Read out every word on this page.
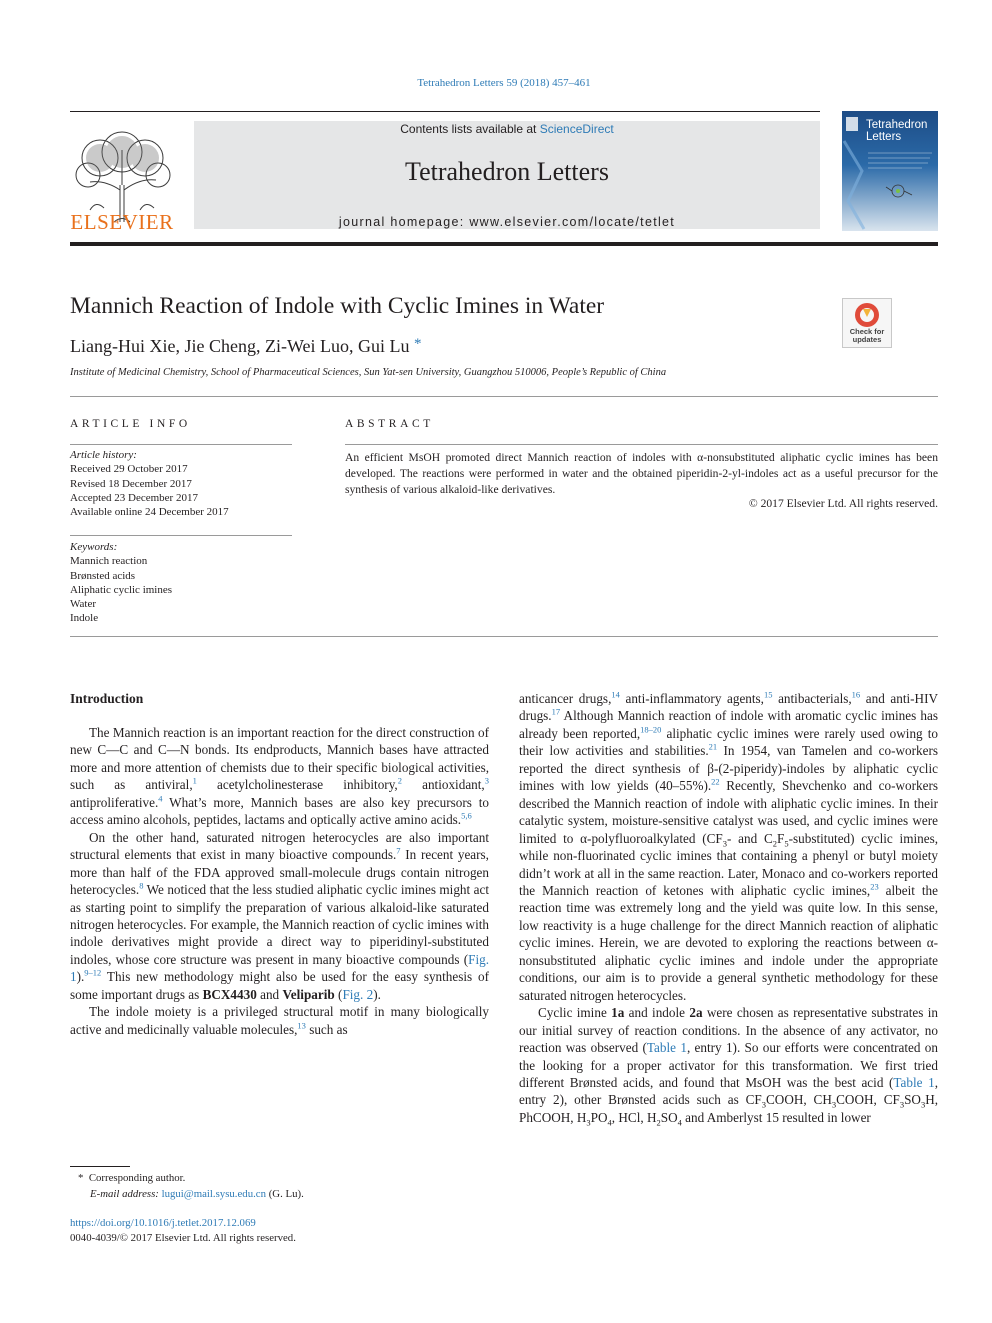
Tetrahedron Letters 59 (2018) 457–461
ELSEVIER
Contents lists available at ScienceDirect
Tetrahedron Letters
journal homepage: www.elsevier.com/locate/tetlet
Tetrahedron
Letters
Mannich Reaction of Indole with Cyclic Imines in Water
Check for updates
Liang-Hui Xie, Jie Cheng, Zi-Wei Luo, Gui Lu *
Institute of Medicinal Chemistry, School of Pharmaceutical Sciences, Sun Yat-sen University, Guangzhou 510006, People’s Republic of China
ARTICLE INFO
Article history:
Received 29 October 2017
Revised 18 December 2017
Accepted 23 December 2017
Available online 24 December 2017
Keywords:
Mannich reaction
Brønsted acids
Aliphatic cyclic imines
Water
Indole
ABSTRACT
An efficient MsOH promoted direct Mannich reaction of indoles with α-nonsubstituted aliphatic cyclic imines has been developed. The reactions were performed in water and the obtained piperidin-2-yl-indoles act as a useful precursor for the synthesis of various alkaloid-like derivatives.
© 2017 Elsevier Ltd. All rights reserved.
Introduction

The Mannich reaction is an important reaction for the direct construction of new C—C and C—N bonds. Its endproducts, Mannich bases have attracted more and more attention of chemists due to their specific biological activities, such as antiviral,$^1$ acetylcholinesterase inhibitory,$^2$ antioxidant,$^3$ antiproliferative.$^4$ What’s more, Mannich bases are also key precursors to access amino alcohols, peptides, lactams and optically active amino acids.$^{5,6}$

On the other hand, saturated nitrogen heterocycles are also important structural elements that exist in many bioactive compounds.$^7$ In recent years, more than half of the FDA approved small-molecule drugs contain nitrogen heterocycles.$^8$ We noticed that the less studied aliphatic cyclic imines might act as starting point to simplify the preparation of various alkaloid-like saturated nitrogen heterocycles. For example, the Mannich reaction of cyclic imines with indole derivatives might provide a direct way to piperidinyl-substituted indoles, whose core structure was present in many bioactive compounds (Fig. 1).$^{9-12}$ This new methodology might also be used for the easy synthesis of some important drugs as BCX4430 and Veliparib (Fig. 2).

The indole moiety is a privileged structural motif in many biologically active and medicinally valuable molecules,$^{13}$ such as

anticancer drugs,$^{14}$ anti-inflammatory agents,$^{15}$ antibacterials,$^{16}$ and anti-HIV drugs.$^{17}$ Although Mannich reaction of indole with aromatic cyclic imines has already been reported,$^{18-20}$ aliphatic cyclic imines were rarely used owing to their low activities and stabilities.$^{21}$ In 1954, van Tamelen and co-workers reported the direct synthesis of β-(2-piperidy)-indoles by aliphatic cyclic imines with low yields (40–55%).$^{22}$ Recently, Shevchenko and co-workers described the Mannich reaction of indole with aliphatic cyclic imines. In their catalytic system, moisture-sensitive catalyst was used, and cyclic imines were limited to α-polyfluoroalkylated ($CF_3-$ and $C_2F_5-substituted$) cyclic imines, while non-fluorinated cyclic imines that containing a phenyl or butyl moiety didn’t work at all in the same reaction. Later, Monaco and co-workers reported the Mannich reaction of ketones with aliphatic cyclic imines,$^{23}$ albeit the reaction time was extremely long and the yield was quite low. In this sense, low reactivity is a huge challenge for the direct Mannich reaction of aliphatic cyclic imines. Herein, we are devoted to exploring the reactions between α-nonsubstituted aliphatic cyclic imines and indole under the appropriate conditions, our aim is to provide a general synthetic methodology for these saturated nitrogen heterocycles.

Cyclic imine 1a and indole 2a were chosen as representative substrates in our initial survey of reaction conditions. In the absence of any activator, no reaction was observed (Table 1, entry 1). So our efforts were concentrated on the looking for a proper activator for this transformation. We first tried different Brønsted acids, and found that MsOH was the best acid (Table 1, entry 2), other Brønsted acids such as $CF_3COOH$, $CH_3COOH$, $CF_3SO_3H$, PhCOOH, $H_3PO_4$, HCl, $H_2SO_4$ and Amberlyst 15 resulted in lower

* Corresponding author.
E-mail address: lugui@mail.sysu.edu.cn (G. Lu).
https://doi.org/10.1016/j.tetlet.2017.12.069
0040-4039/© 2017 Elsevier Ltd. All rights reserved.
